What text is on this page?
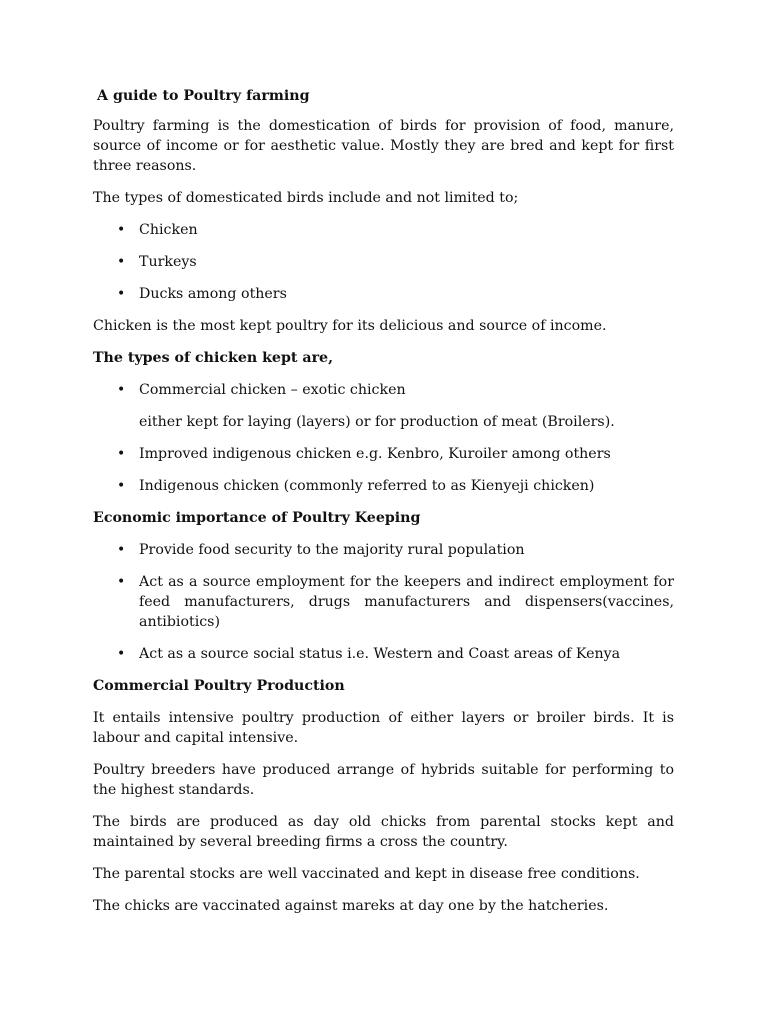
A guide to Poultry farming

Poultry farming is the domestication of birds for provision of food, manure, source of income or for aesthetic value. Mostly they are bred and kept for first three reasons.

The types of domesticated birds include and not limited to;

• Chicken
• Turkeys
• Ducks among others

Chicken is the most kept poultry for its delicious and source of income.

The types of chicken kept are,
• Commercial chicken – exotic chicken

either kept for laying (layers) or for production of meat (Broilers).

• Improved indigenous chicken e.g. Kenbro, Kuroiler among others
• Indigenous chicken (commonly referred to as Kienyeji chicken)
Economic importance of Poultry Keeping
• Provide food security to the majority rural population
• Act as a source employment for the keepers and indirect employment for feed manufacturers, drugs manufacturers and dispensers(vaccines, antibiotics)
• Act as a source social status i.e. Western and Coast areas of Kenya
Commercial Poultry Production

It entails intensive poultry production of either layers or broiler birds. It is labour and capital intensive.

Poultry breeders have produced arrange of hybrids suitable for performing to the highest standards.

The birds are produced as day old chicks from parental stocks kept and maintained by several breeding firms a cross the country.

The parental stocks are well vaccinated and kept in disease free conditions.

The chicks are vaccinated against mareks at day one by the hatcheries.
